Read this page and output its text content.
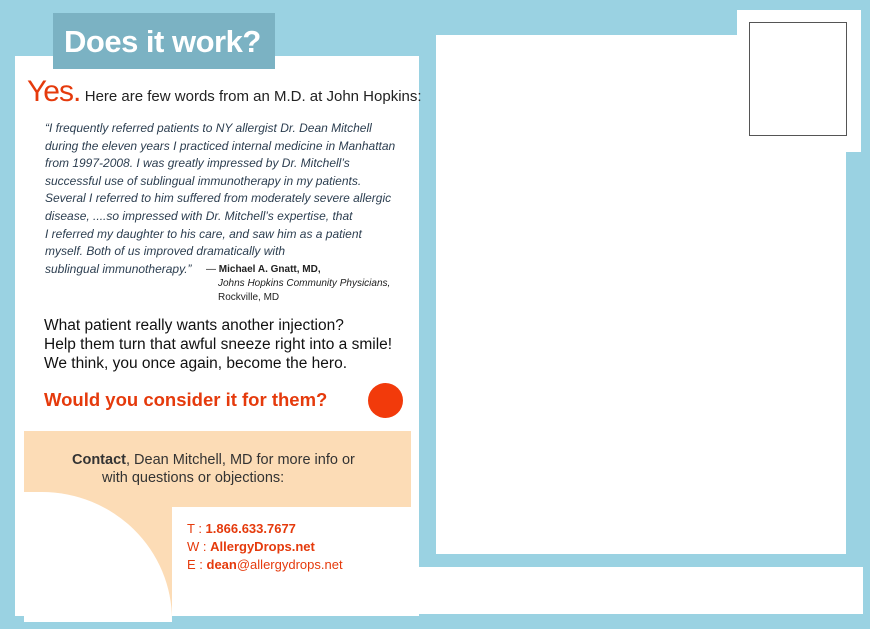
Does it work?
Yes. Here are few words from an M.D. at John Hopkins:
“I frequently referred patients to NY allergist Dr. Dean Mitchell
during the eleven years I practiced internal medicine in Manhattan
from 1997-2008. I was greatly impressed by Dr. Mitchell’s
successful use of sublingual immunotherapy in my patients.
Several I referred to him suffered from moderately severe allergic
disease, ....so impressed with Dr. Mitchell’s expertise, that
I referred my daughter to his care, and saw him as a patient
myself. Both of us improved dramatically with
sublingual immunotherapy.”	— Michael A. Gnatt, MD,
Johns Hopkins Community Physicians,
Rockville, MD
What patient really wants another injection?
Help them turn that awful sneeze right into a smile!
We think, you once again, become the hero.
Would you consider it for them?
Contact, Dean Mitchell, MD for more info or
with questions or objections:
T : 1.866.633.7677
W : AllergyDrops.net
E : dean@allergydrops.net
